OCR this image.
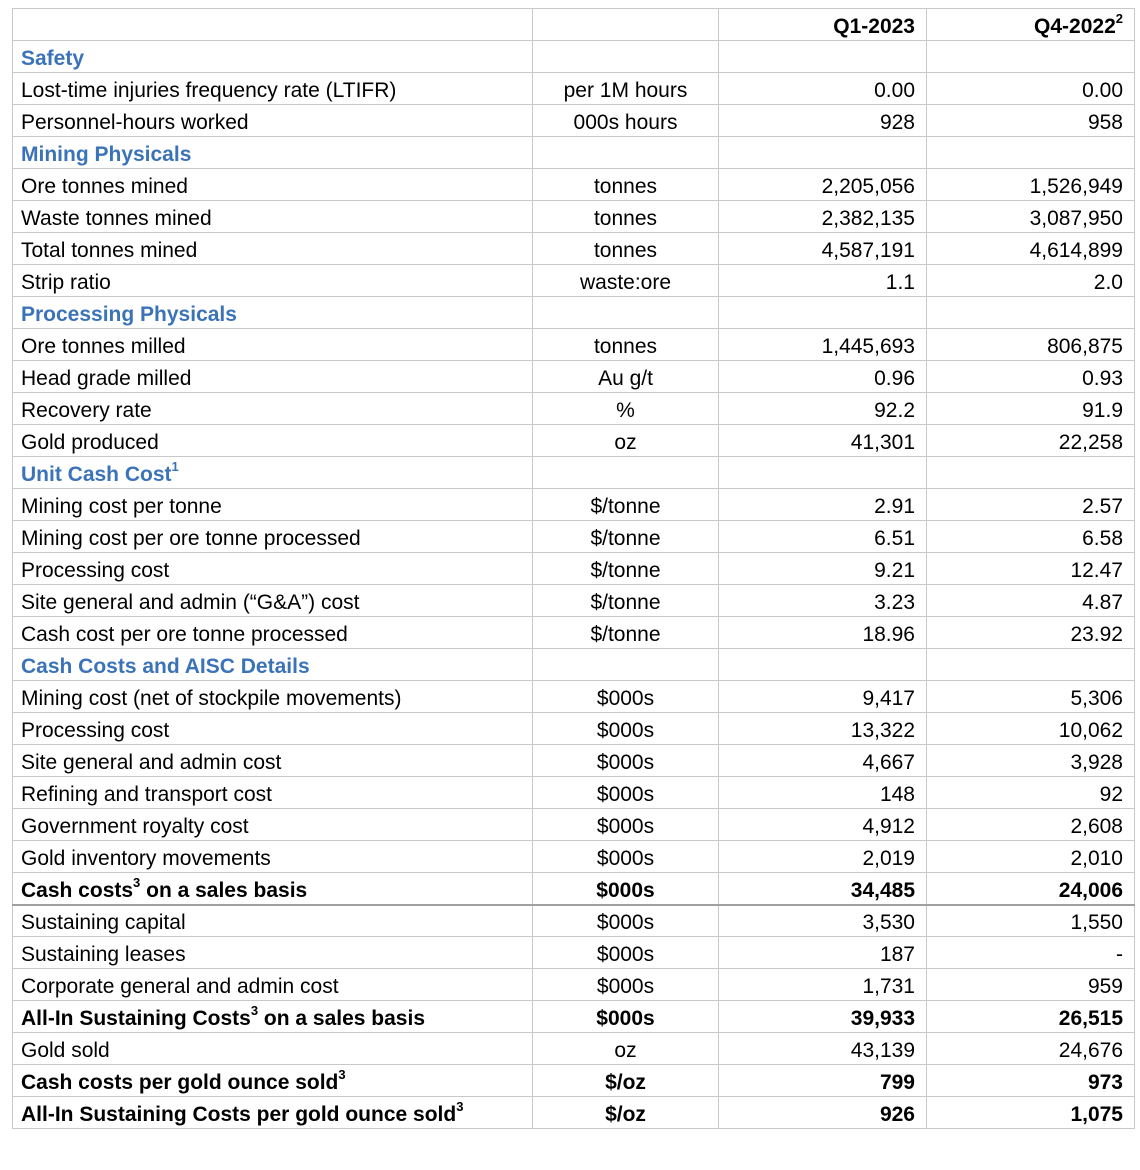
		Q1-2023	Q4-2022$^2$
Safety			
Lost-time injuries frequency rate (LTIFR)	per 1M hours	0.00	0.00
Personnel-hours worked	000s hours	928	958
Mining Physicals			
Ore tonnes mined	tonnes	2,205,056	1,526,949
Waste tonnes mined	tonnes	2,382,135	3,087,950
Total tonnes mined	tonnes	4,587,191	4,614,899
Strip ratio	waste:ore	1.1	2.0
Processing Physicals			
Ore tonnes milled	tonnes	1,445,693	806,875
Head grade milled	Au g/t	0.96	0.93
Recovery rate	%	92.2	91.9
Gold produced	oz	41,301	22,258
Unit Cash Cost$^1$			
Mining cost per tonne	$/tonne	2.91	2.57
Mining cost per ore tonne processed	$/tonne	6.51	6.58
Processing cost	$/tonne	9.21	12.47
Site general and admin (“G&A”) cost	$/tonne	3.23	4.87
Cash cost per ore tonne processed	$/tonne	18.96	23.92
Cash Costs and AISC Details			
Mining cost (net of stockpile movements)	$000s	9,417	5,306
Processing cost	$000s	13,322	10,062
Site general and admin cost	$000s	4,667	3,928
Refining and transport cost	$000s	148	92
Government royalty cost	$000s	4,912	2,608
Gold inventory movements	$000s	2,019	2,010
Cash costs$^3$ on a sales basis	$000s	34,485	24,006
Sustaining capital	$000s	3,530	1,550
Sustaining leases	$000s	187	-
Corporate general and admin cost	$000s	1,731	959
All-In Sustaining Costs$^3$ on a sales basis	$000s	39,933	26,515
Gold sold	oz	43,139	24,676
Cash costs per gold ounce sold$^3$	$/oz	799	973
All-In Sustaining Costs per gold ounce sold$^3$	$/oz	926	1,075
